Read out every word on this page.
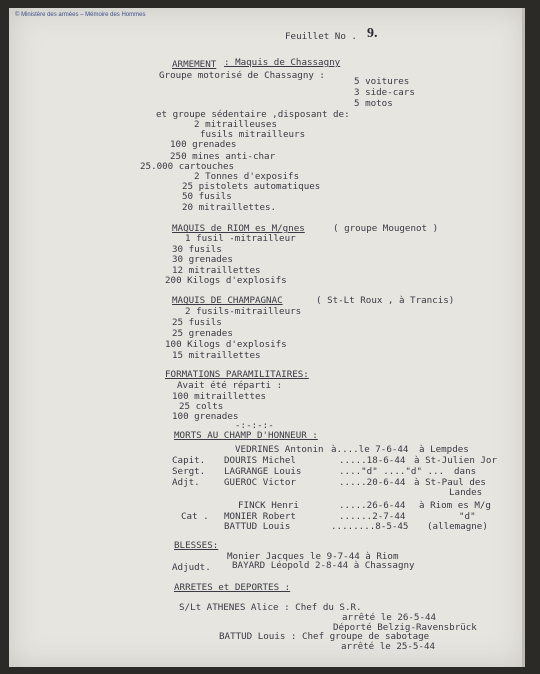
© Ministère des armées – Mémoire des Hommes
Feuillet No . 9.
ARMEMENT : Maquis de Chassagny
Groupe motorisé de Chassagny :
5 voitures
3 side-cars
5 motos
et groupe sédentaire ,disposant de:
2 mitrailleuses
fusils mitrailleurs
100 grenades
250 mines anti-char
25.000 cartouches
2 Tonnes d'exposifs
25 pistolets automatiques
50 fusils
20 mitraillettes.
MAQUIS de RIOM es M/gnes	( groupe Mougenot )
1 fusil -mitrailleur
30 fusils
30 grenades
12 mitraillettes
200 Kilogs d'explosifs
MAQUIS DE CHAMPAGNAC	( St-Lt Roux , à Trancis)
2 fusils-mitrailleurs
25 fusils
25 grenades
100 Kilogs d'explosifs
15 mitraillettes
FORMATIONS PARAMILITAIRES:
Avait été réparti :
100 mitraillettes
25 colts
100 grenades
-:-:-:-
MORTS AU CHAMP D'HONNEUR :
VEDRINES Antonin à....le 7-6-44 à Lempdes
Capit. DOURIS Michel	.....18-6-44 à St-Julien Jor
Sergt. LAGRANGE Louis	...."d" ...."d" ... dans
Adjt.	GUEROC Victor	.....20-6-44 à St-Paul des
Landes
FINCK Henri	.....26-6-44 à Riom es M/g
Cat . MONIER Robert	......2-7-44	"d"
BATTUD Louis	........8-5-45 (allemagne)
BLESSES:
Monier Jacques le 9-7-44 à Riom
Adjudt. BAYARD Léopold 2-8-44 à Chassagny
ARRETES et DEPORTES :
S/Lt ATHENES Alice : Chef du S.R.
arrêté le 26-5-44
Déporté Belzig-Ravensbrück
BATTUD Louis : Chef groupe de sabotage
arrêté le 25-5-44
